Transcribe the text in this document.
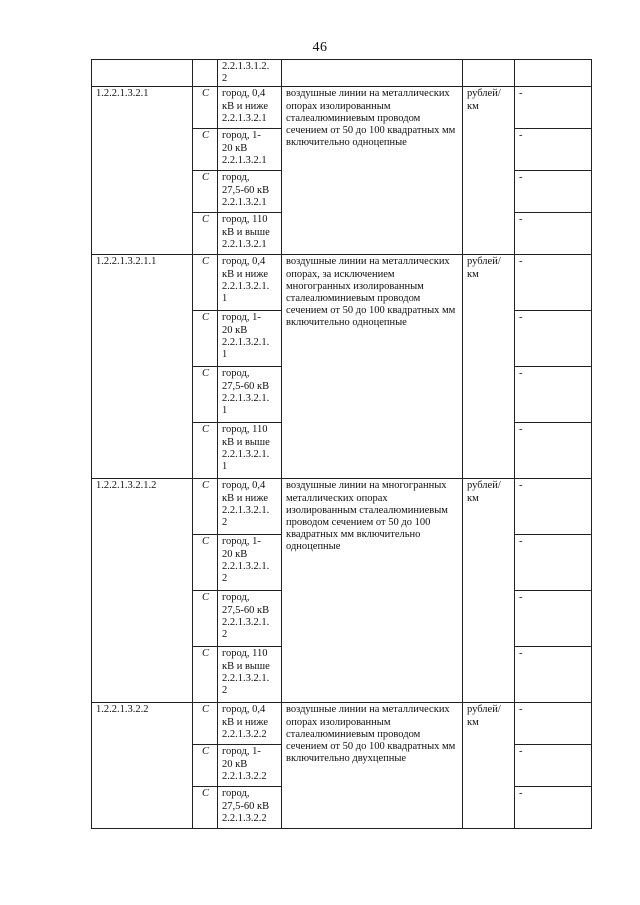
46
		2.2.1.3.1.2.
2			
1.2.2.1.3.2.1	С	город, 0,4
кВ и ниже
2.2.1.3.2.1	воздушные линии на металлических опорах изолированным сталеалюминиевым проводом сечением от 50 до 100 квадратных мм включительно одноцепные	рублей/
км	-
	С	город, 1-
20 кВ
2.2.1.3.2.1			-
	С	город,
27,5-60 кВ
2.2.1.3.2.1			-
	С	город, 110
кВ и выше
2.2.1.3.2.1			-
1.2.2.1.3.2.1.1	С	город, 0,4
кВ и ниже
2.2.1.3.2.1.
1	воздушные линии на металлических опорах, за исключением многогранных изолированным сталеалюминиевым проводом сечением от 50 до 100 квадратных мм включительно одноцепные	рублей/
км	-
	С	город, 1-
20 кВ
2.2.1.3.2.1.
1			-
	С	город,
27,5-60 кВ
2.2.1.3.2.1.
1			-
	С	город, 110
кВ и выше
2.2.1.3.2.1.
1			-
1.2.2.1.3.2.1.2	С	город, 0,4
кВ и ниже
2.2.1.3.2.1.
2	воздушные линии на многогранных металлических опорах изолированным сталеалюминиевым проводом сечением от 50 до 100 квадратных мм включительно одноцепные	рублей/
км	-
	С	город, 1-
20 кВ
2.2.1.3.2.1.
2			-
	С	город,
27,5-60 кВ
2.2.1.3.2.1.
2			-
	С	город, 110
кВ и выше
2.2.1.3.2.1.
2			-
1.2.2.1.3.2.2	С	город, 0,4
кВ и ниже
2.2.1.3.2.2	воздушные линии на металлических опорах изолированным сталеалюминиевым проводом сечением от 50 до 100 квадратных мм включительно двухцепные	рублей/
км	-
	С	город, 1-
20 кВ
2.2.1.3.2.2			-
	С	город,
27,5-60 кВ
2.2.1.3.2.2			-
